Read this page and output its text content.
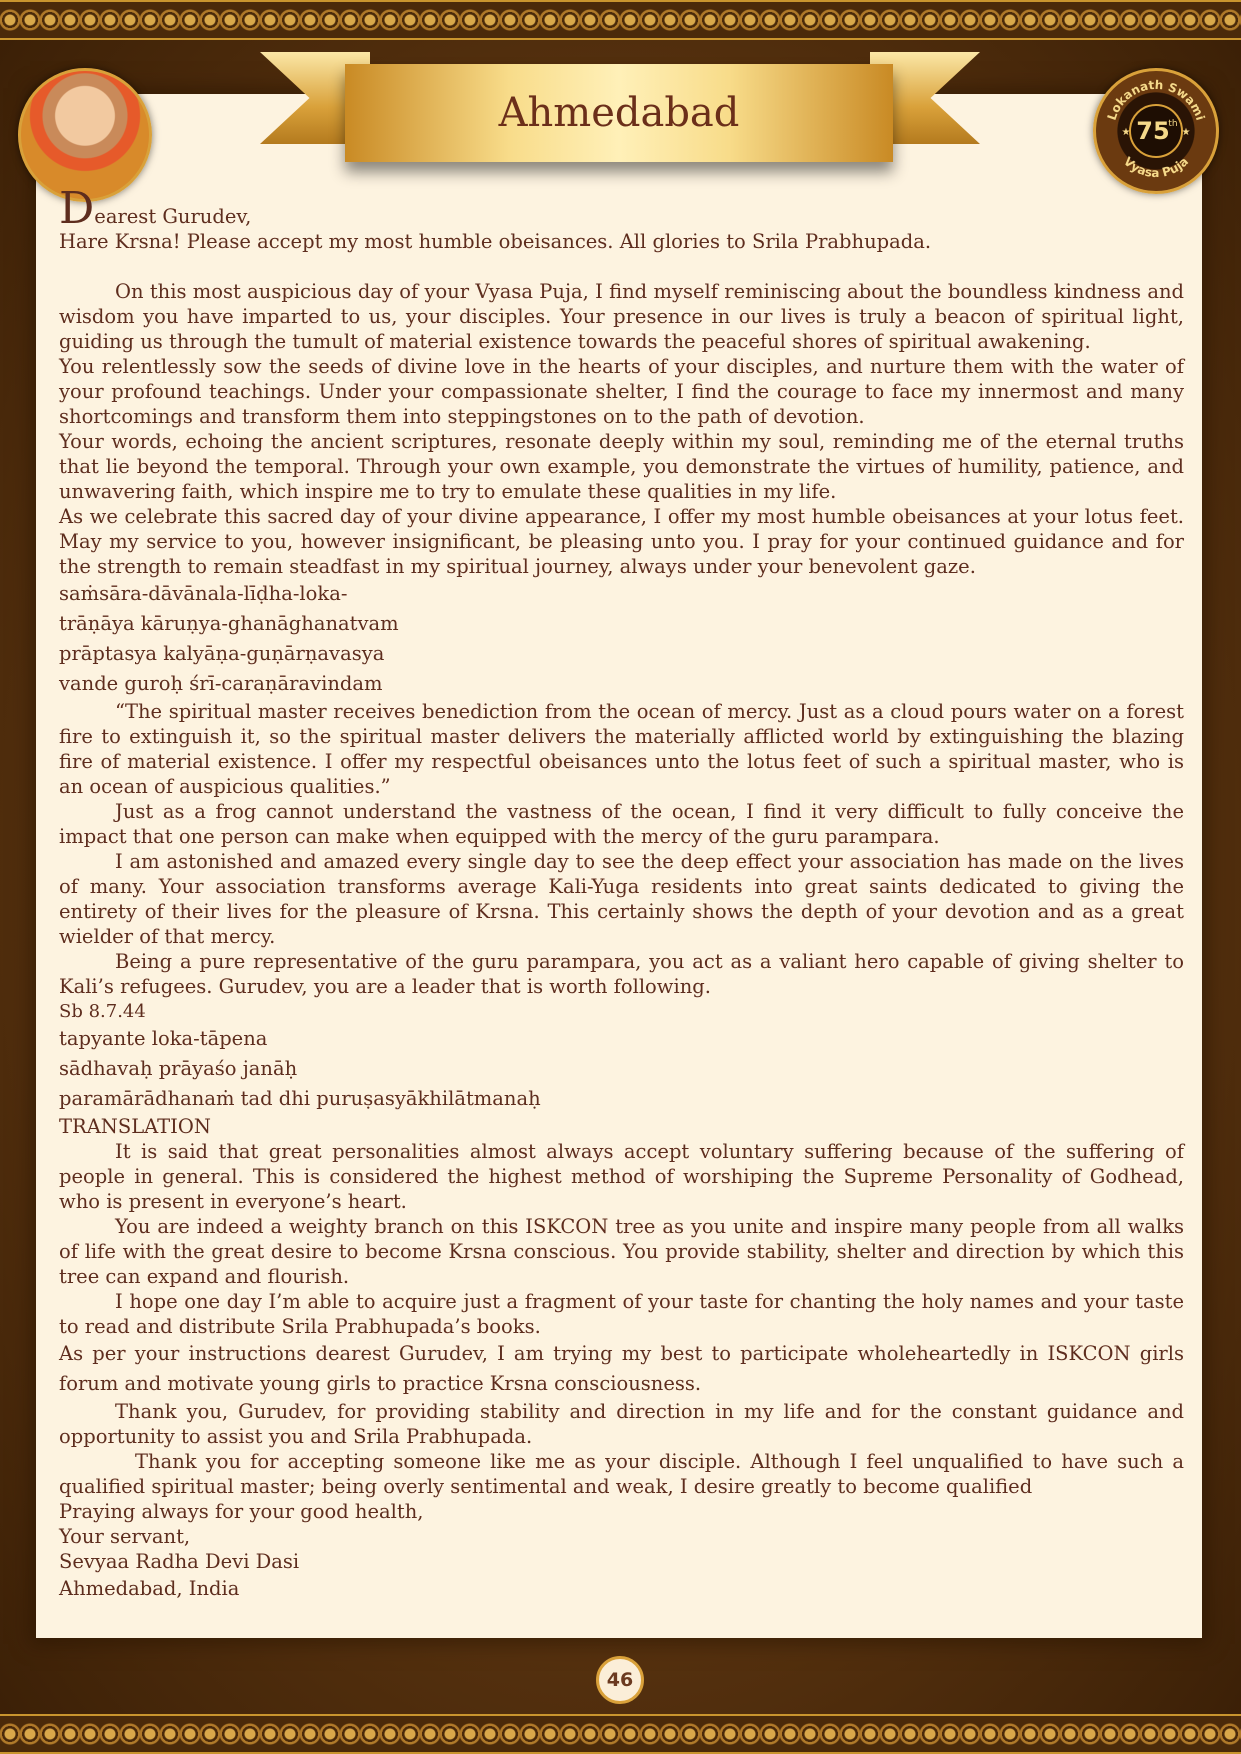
Ahmedabad	Lokanath Swami
Vyasa Puja
75
th
★	★

Dearest Gurudev,

Hare Krsna! Please accept my most humble obeisances. All glories to Srila Prabhupada.

On this most auspicious day of your Vyasa Puja, I find myself reminiscing about the boundless kindness and wisdom you have imparted to us, your disciples. Your presence in our lives is truly a beacon of spiritual light, guiding us through the tumult of material existence towards the peaceful shores of spiritual awakening.

You relentlessly sow the seeds of divine love in the hearts of your disciples, and nurture them with the water of your profound teachings. Under your compassionate shelter, I find the courage to face my innermost and many shortcomings and transform them into steppingstones on to the path of devotion.

Your words, echoing the ancient scriptures, resonate deeply within my soul, reminding me of the eternal truths that lie beyond the temporal. Through your own example, you demonstrate the virtues of humility, patience, and unwavering faith, which inspire me to try to emulate these qualities in my life.

As we celebrate this sacred day of your divine appearance, I offer my most humble obeisances at your lotus feet. May my service to you, however insignificant, be pleasing unto you. I pray for your continued guidance and for the strength to remain steadfast in my spiritual journey, always under your benevolent gaze.

saṁsāra-dāvānala-līḍha-loka-

trāṇāya kāruṇya-ghanāghanatvam

prāptasya kalyāṇa-guṇārṇavasya

vande guroḥ śrī-caraṇāravindam

“The spiritual master receives benediction from the ocean of mercy. Just as a cloud pours water on a forest fire to extinguish it, so the spiritual master delivers the materially afflicted world by extinguishing the blazing fire of material existence. I offer my respectful obeisances unto the lotus feet of such a spiritual master, who is an ocean of auspicious qualities.”

Just as a frog cannot understand the vastness of the ocean, I find it very difficult to fully conceive the impact that one person can make when equipped with the mercy of the guru parampara.

I am astonished and amazed every single day to see the deep effect your association has made on the lives of many. Your association transforms average Kali-Yuga residents into great saints dedicated to giving the entirety of their lives for the pleasure of Krsna. This certainly shows the depth of your devotion and as a great wielder of that mercy.

Being a pure representative of the guru parampara, you act as a valiant hero capable of giving shelter to Kali’s refugees. Gurudev, you are a leader that is worth following.

Sb 8.7.44

tapyante loka-tāpena

sādhavaḥ prāyaśo janāḥ

paramārādhanaṁ tad dhi puruṣasyākhilātmanaḥ

TRANSLATION

It is said that great personalities almost always accept voluntary suffering because of the suffering of people in general. This is considered the highest method of worshiping the Supreme Personality of Godhead, who is present in everyone’s heart.

You are indeed a weighty branch on this ISKCON tree as you unite and inspire many people from all walks of life with the great desire to become Krsna conscious. You provide stability, shelter and direction by which this tree can expand and flourish.

I hope one day I’m able to acquire just a fragment of your taste for chanting the holy names and your taste to read and distribute Srila Prabhupada’s books.

As per your instructions dearest Gurudev, I am trying my best to participate wholeheartedly in ISKCON girls forum and motivate young girls to practice Krsna consciousness.

Thank you, Gurudev, for providing stability and direction in my life and for the constant guidance and opportunity to assist you and Srila Prabhupada.

Thank you for accepting someone like me as your disciple. Although I feel unqualified to have such a qualified spiritual master; being overly sentimental and weak, I desire greatly to become qualified

Praying always for your good health,

Your servant,

Sevyaa Radha Devi Dasi

Ahmedabad, India

46
